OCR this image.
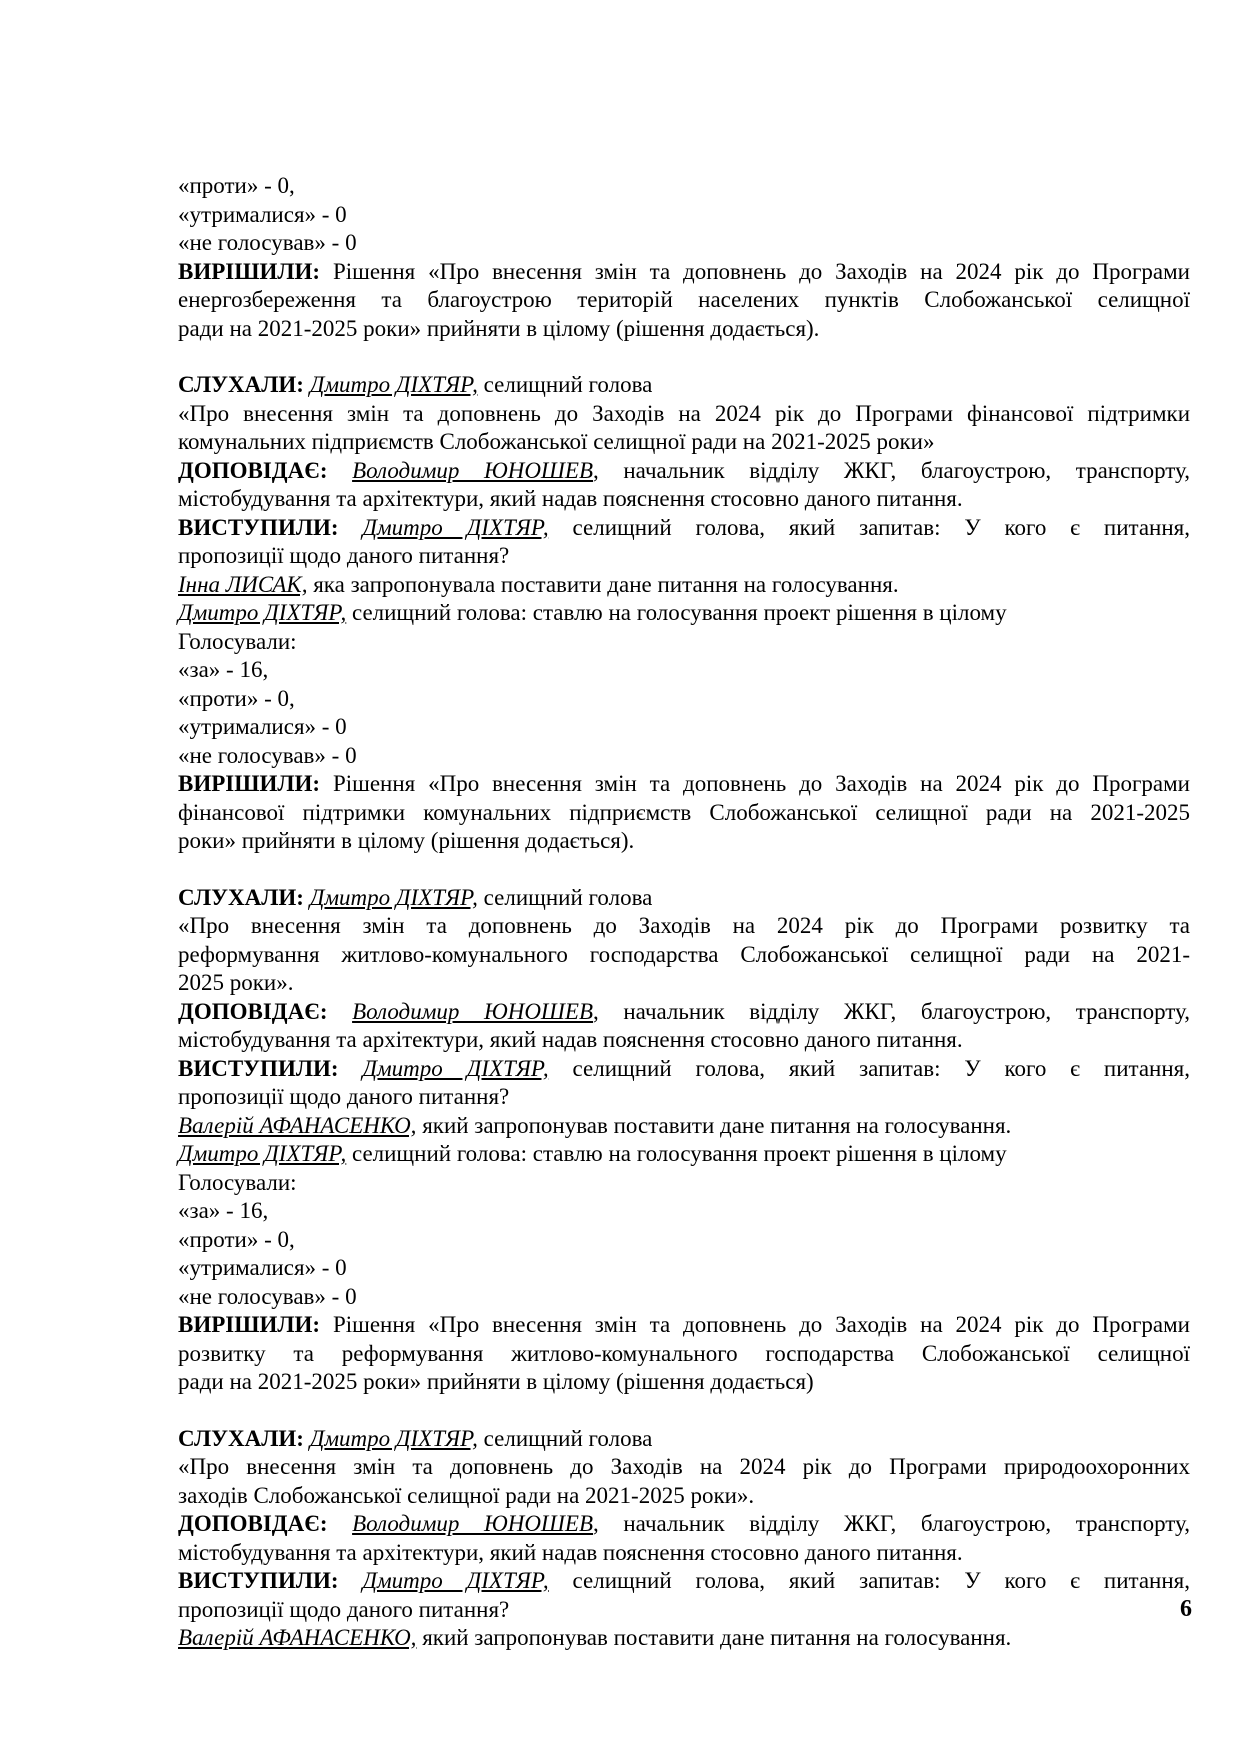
«проти» - 0,
«утрималися» - 0
«не голосував» - 0
ВИРІШИЛИ: Рішення «Про внесення змін та доповнень до Заходів на 2024 рік до Програми
енергозбереження та благоустрою територій населених пунктів Слобожанської селищної
ради на 2021-2025 роки» прийняти в цілому (рішення додається).
СЛУХАЛИ: Дмитро ДІХТЯР, селищний голова
«Про внесення змін та доповнень до Заходів на 2024 рік до Програми фінансової підтримки
комунальних підприємств Слобожанської селищної ради на 2021-2025 роки»
ДОПОВІДАЄ: Володимир ЮНОШЕВ, начальник відділу ЖКГ, благоустрою, транспорту,
містобудування та архітектури, який надав пояснення стосовно даного питання.
ВИСТУПИЛИ: Дмитро ДІХТЯР, селищний голова, який запитав: У кого є питання,
пропозиції щодо даного питання?
Інна ЛИСАК, яка запропонувала поставити дане питання на голосування.
Дмитро ДІХТЯР, селищний голова: ставлю на голосування проект рішення в цілому
Голосували:
«за» - 16,
«проти» - 0,
«утрималися» - 0
«не голосував» - 0
ВИРІШИЛИ: Рішення «Про внесення змін та доповнень до Заходів на 2024 рік до Програми
фінансової підтримки комунальних підприємств Слобожанської селищної ради на 2021-2025
роки» прийняти в цілому (рішення додається).
СЛУХАЛИ: Дмитро ДІХТЯР, селищний голова
«Про внесення змін та доповнень до Заходів на 2024 рік до Програми розвитку та
реформування житлово-комунального господарства Слобожанської селищної ради на 2021-
2025 роки».
ДОПОВІДАЄ: Володимир ЮНОШЕВ, начальник відділу ЖКГ, благоустрою, транспорту,
містобудування та архітектури, який надав пояснення стосовно даного питання.
ВИСТУПИЛИ: Дмитро ДІХТЯР, селищний голова, який запитав: У кого є питання,
пропозиції щодо даного питання?
Валерій АФАНАСЕНКО, який запропонував поставити дане питання на голосування.
Дмитро ДІХТЯР, селищний голова: ставлю на голосування проект рішення в цілому
Голосували:
«за» - 16,
«проти» - 0,
«утрималися» - 0
«не голосував» - 0
ВИРІШИЛИ: Рішення «Про внесення змін та доповнень до Заходів на 2024 рік до Програми
розвитку та реформування житлово-комунального господарства Слобожанської селищної
ради на 2021-2025 роки» прийняти в цілому (рішення додається)
СЛУХАЛИ: Дмитро ДІХТЯР, селищний голова
«Про внесення змін та доповнень до Заходів на 2024 рік до Програми природоохоронних
заходів Слобожанської селищної ради на 2021-2025 роки».
ДОПОВІДАЄ: Володимир ЮНОШЕВ, начальник відділу ЖКГ, благоустрою, транспорту,
містобудування та архітектури, який надав пояснення стосовно даного питання.
ВИСТУПИЛИ: Дмитро ДІХТЯР, селищний голова, який запитав: У кого є питання,
пропозиції щодо даного питання?
Валерій АФАНАСЕНКО, який запропонував поставити дане питання на голосування.
6
